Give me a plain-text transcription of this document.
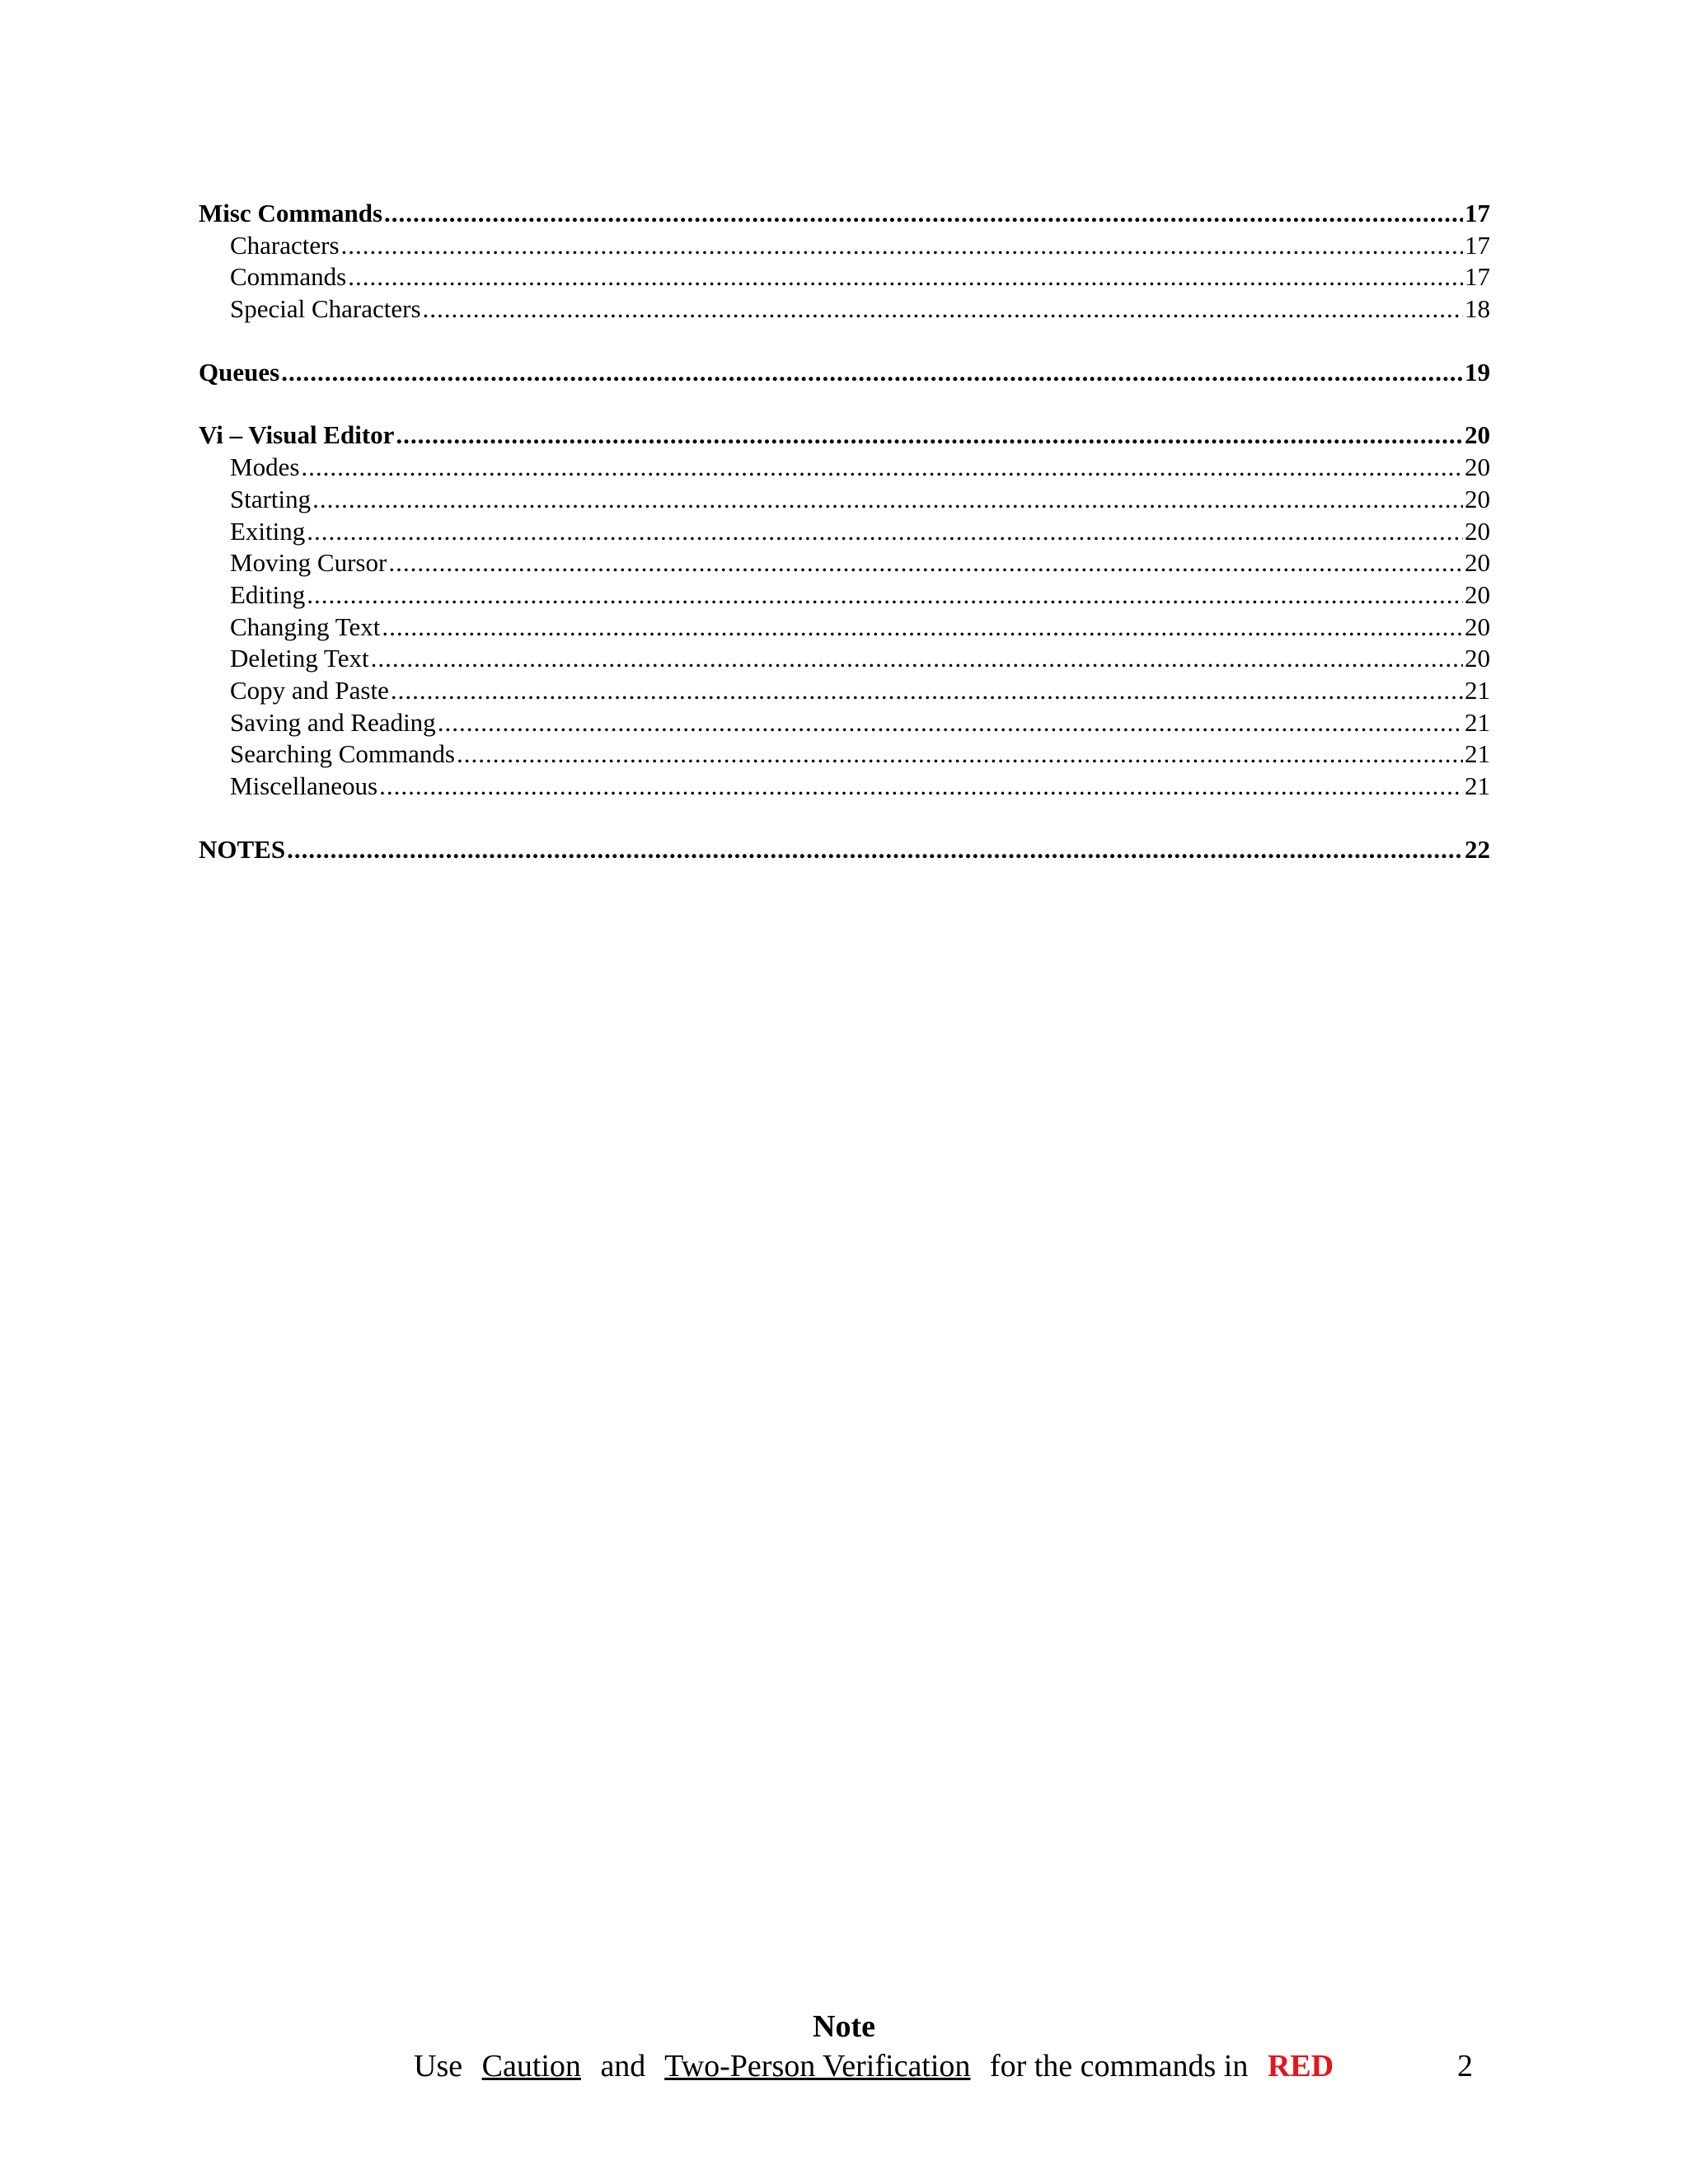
Misc Commands .....	17
Characters .....	17
Commands .....	17
Special Characters .....	18
Queues .....	19
Vi – Visual Editor .....	20
Modes .....	20
Starting .....	20
Exiting .....	20
Moving Cursor .....	20
Editing .....	20
Changing Text .....	20
Deleting Text .....	20
Copy and Paste .....	21
Saving and Reading .....	21
Searching Commands .....	21
Miscellaneous .....	21
NOTES .....	22
Note
Use Caution and Two-Person Verification for the commands in RED	2
